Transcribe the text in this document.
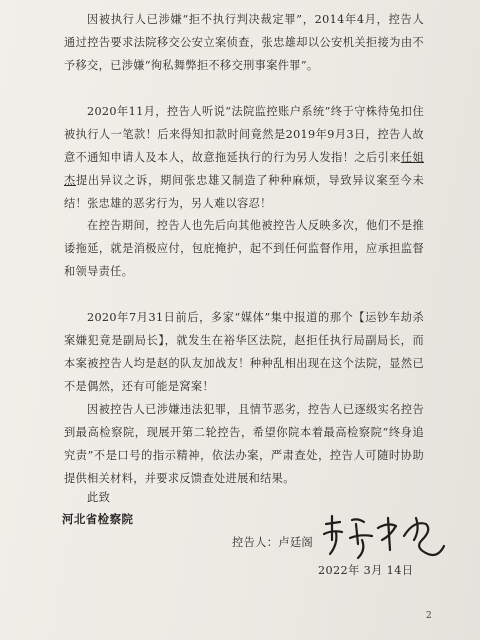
因被执行人已涉嫌“拒不执行判决裁定罪”，2014年4月，控告人通过控告要求法院移交公安立案侦查，张忠雄却以公安机关拒接为由不予移交，已涉嫌“徇私舞弊拒不移交刑事案件罪”。

2020年11月，控告人听说“法院监控账户系统”终于守株待兔扣住被执行人一笔款！后来得知扣款时间竟然是2019年9月3日，控告人故意不通知申请人及本人，故意拖延执行的行为另人发指！之后引来任姐杰提出异议之诉，期间张忠雄又制造了种种麻烦，导致异议案至今未结！张忠雄的恶劣行为，另人难以容忍！

在控告期间，控告人也先后向其他被控告人反映多次，他们不是推诿拖延，就是消极应付，包庇掩护，起不到任何监督作用，应承担监督和领导责任。

2020年7月31日前后，多家“媒体”集中报道的那个【运钞车劫杀案嫌犯竟是副局长】，就发生在裕华区法院，赵拒任执行局副局长，而本案被控告人均是赵的队友加战友！种种乱相出现在这个法院，显然已不是偶然，还有可能是窝案！

因被控告人已涉嫌违法犯罪，且情节恶劣，控告人已逐级实名控告到最高检察院，现展开第二轮控告，希望你院本着最高检察院“终身追究责”不是口号的指示精神，依法办案，严肃查处，控告人可随时协助提供相关材料，并要求反馈查处进展和结果。

此致
河北省检察院
控告人：卢廷阁
2022年 3月 14日
2
